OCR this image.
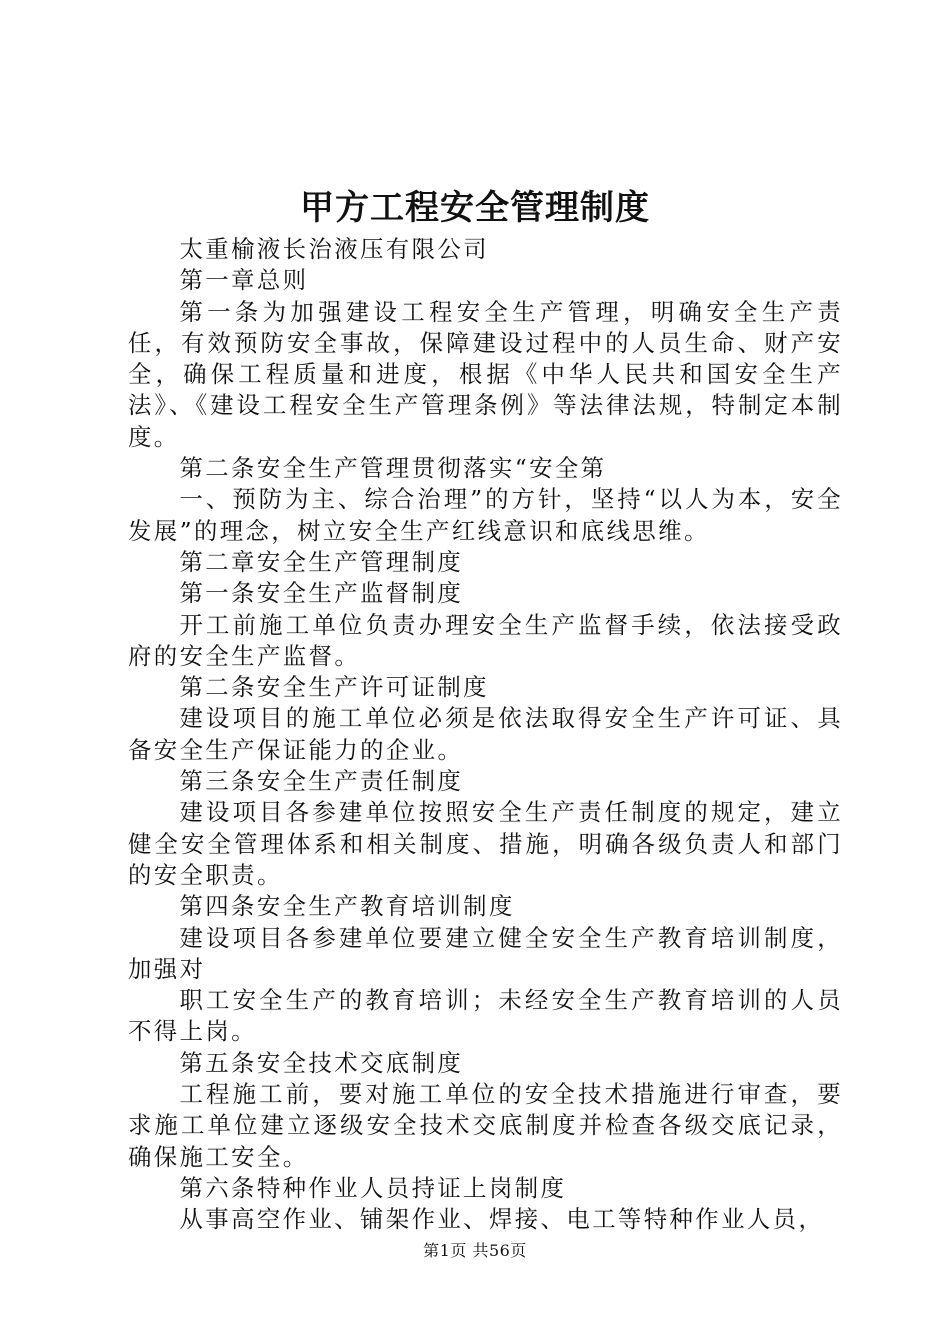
甲方工程安全管理制度

太重榆液长治液压有限公司

第一章总则

第一条为加强建设工程安全生产管理，明确安全生产责任，有效预防安全事故，保障建设过程中的人员生命、财产安全，确保工程质量和进度，根据《中华人民共和国安全生产法》、《建设工程安全生产管理条例》等法律法规，特制定本制度。

第二条安全生产管理贯彻落实“安全第

一、预防为主、综合治理”的方针，坚持“以人为本，安全发展”的理念，树立安全生产红线意识和底线思维。

第二章安全生产管理制度

第一条安全生产监督制度

开工前施工单位负责办理安全生产监督手续，依法接受政府的安全生产监督。

第二条安全生产许可证制度

建设项目的施工单位必须是依法取得安全生产许可证、具备安全生产保证能力的企业。

第三条安全生产责任制度

建设项目各参建单位按照安全生产责任制度的规定，建立健全安全管理体系和相关制度、措施，明确各级负责人和部门的安全职责。

第四条安全生产教育培训制度

建设项目各参建单位要建立健全安全生产教育培训制度，加强对

职工安全生产的教育培训；未经安全生产教育培训的人员不得上岗。

第五条安全技术交底制度

工程施工前，要对施工单位的安全技术措施进行审查，要求施工单位建立逐级安全技术交底制度并检查各级交底记录，确保施工安全。

第六条特种作业人员持证上岗制度

从事高空作业、铺架作业、焊接、电工等特种作业人员，

第1页 共56页
